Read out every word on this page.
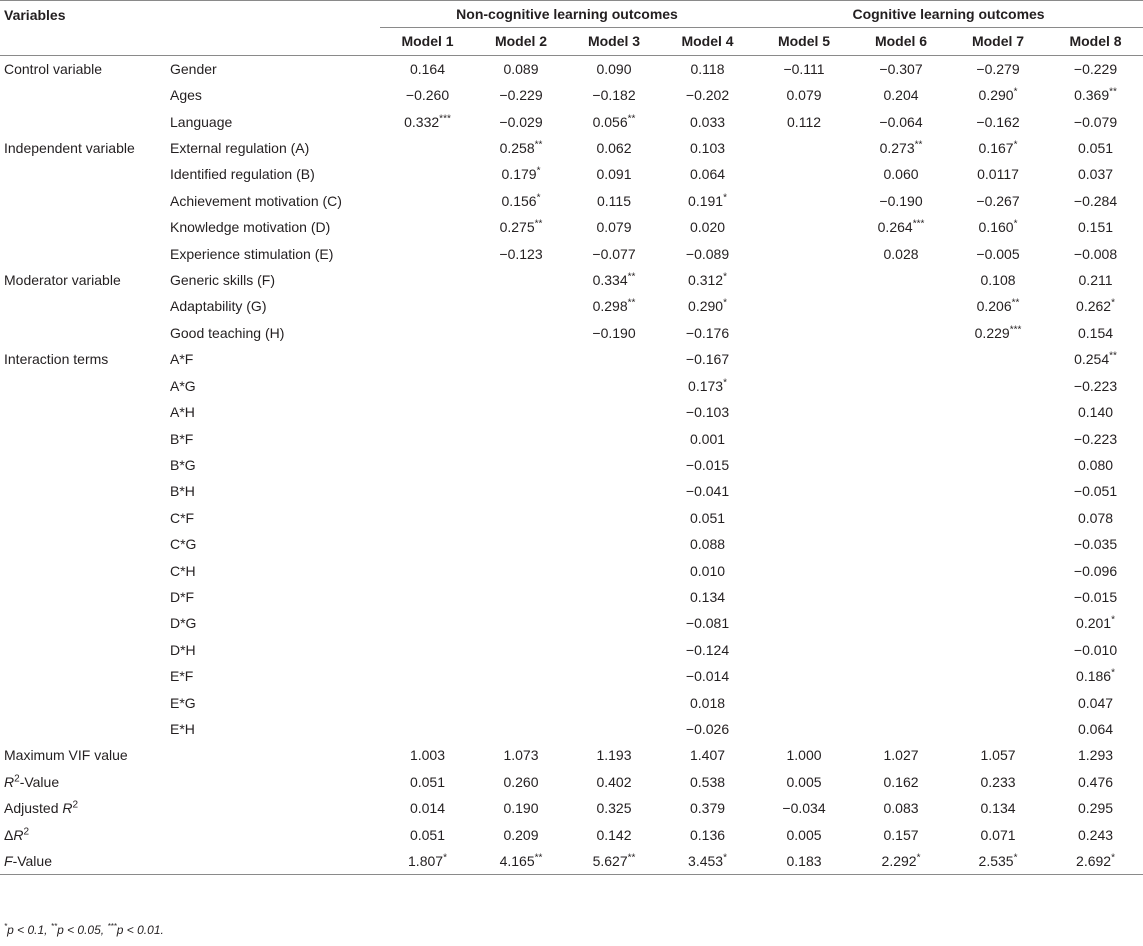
Variables		Non-cognitive learning outcomes				Cognitive learning outcomes			
		Model 1	Model 2	Model 3	Model 4	Model 5	Model 6	Model 7	Model 8
Control variable	Gender	0.164	0.089	0.090	0.118	−0.111	−0.307	−0.279	−0.229
	Ages	−0.260	−0.229	−0.182	−0.202	0.079	0.204	0.290*	0.369**
	Language	0.332***	−0.029	0.056**	0.033	0.112	−0.064	−0.162	−0.079
Independent variable	External regulation (A)		0.258**	0.062	0.103		0.273**	0.167*	0.051
	Identified regulation (B)		0.179*	0.091	0.064		0.060	0.0117	0.037
	Achievement motivation (C)		0.156*	0.115	0.191*		−0.190	−0.267	−0.284
	Knowledge motivation (D)		0.275**	0.079	0.020		0.264***	0.160*	0.151
	Experience stimulation (E)		−0.123	−0.077	−0.089		0.028	−0.005	−0.008
Moderator variable	Generic skills (F)			0.334**	0.312*			0.108	0.211
	Adaptability (G)			0.298**	0.290*			0.206**	0.262*
	Good teaching (H)			−0.190	−0.176			0.229***	0.154
Interaction terms	A*F				−0.167				0.254**
	A*G				0.173*				−0.223
	A*H				−0.103				0.140
	B*F				0.001				−0.223
	B*G				−0.015				0.080
	B*H				−0.041				−0.051
	C*F				0.051				0.078
	C*G				0.088				−0.035
	C*H				0.010				−0.096
	D*F				0.134				−0.015
	D*G				−0.081				0.201*
	D*H				−0.124				−0.010
	E*F				−0.014				0.186*
	E*G				0.018				0.047
	E*H				−0.026				0.064
Maximum VIF value		1.003	1.073	1.193	1.407	1.000	1.027	1.057	1.293
$R^2$-Value		0.051	0.260	0.402	0.538	0.005	0.162	0.233	0.476
Adjusted $R^2$		0.014	0.190	0.325	0.379	−0.034	0.083	0.134	0.295
$\Delta R^2$		0.051	0.209	0.142	0.136	0.005	0.157	0.071	0.243
F-Value		1.807*	4.165**	5.627**	3.453*	0.183	2.292*	2.535*	2.692*
*p < 0.1, **p < 0.05, ***p < 0.01.
